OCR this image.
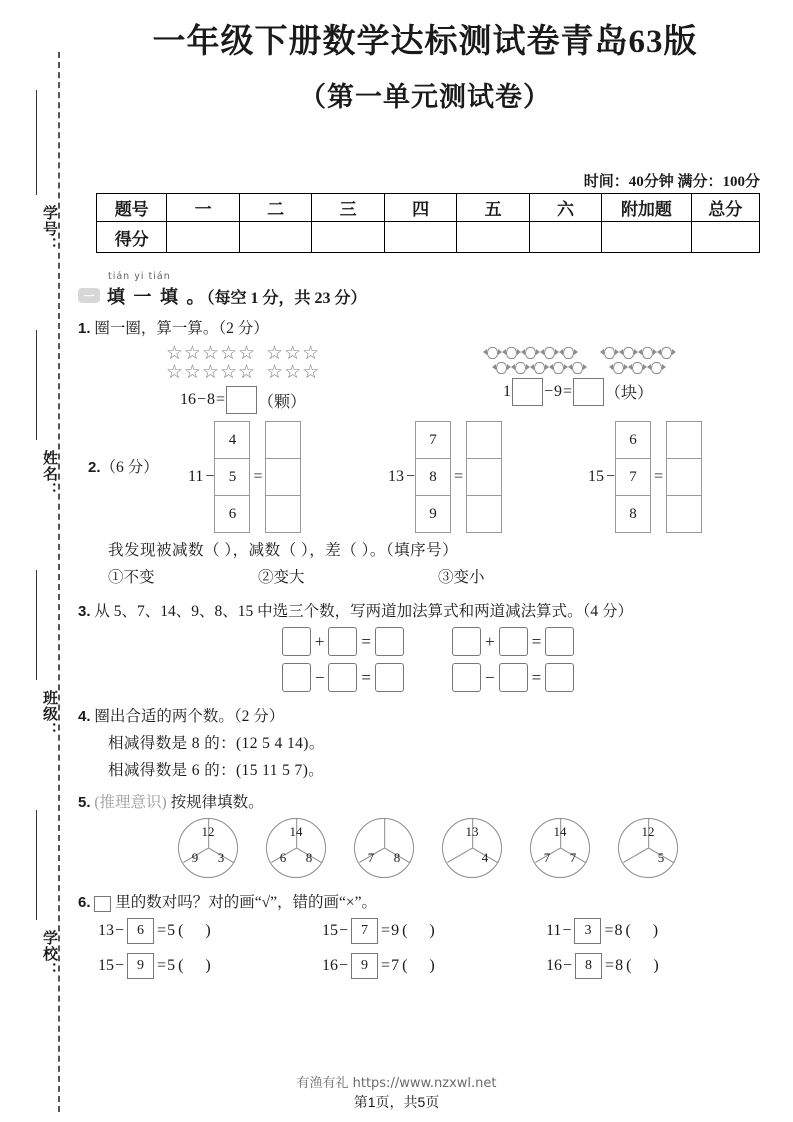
学号：
姓名：
班级：
学校：
一年级下册数学达标测试卷青岛63版
（第一单元测试卷）
时间：40分钟 满分：100分
题号	一	二	三	四	五	六	附加题	总分
得分								
tián yi tián
一 填 一 填 。（每空 1 分，共 23 分）
1. 圈一圈，算一算。（2 分）
☆☆☆☆☆ ☆☆☆
☆☆☆☆☆ ☆☆☆
16 − 8 = （颗）
1 − 9 = （块）
2.（6 分）
11 −
4
5
6
=	13 −
7
8
9
=	15 −
6
7
8
=
我发现被减数（ ），减数（ ），差（ ）。（填序号）
①不变	②变大	③变小
3. 从 5、7、14、9、8、15 中选三个数，写两道加法算式和两道减法算式。（4 分）
+ =	+ =
− =	− =
4. 圈出合适的两个数。（2 分）
相减得数是 8 的：(12 5 4 14)。
相减得数是 6 的：(15 11 5 7)。
5. (推理意识) 按规律填数。
12
9	3
14
6	8	7	8
13
4
14
7	7
12
5
6. 里的数对吗？对的画“√”，错的画“×”。
13 − 6 = 5 ( )	15 − 7 = 9 ( )	11 − 3 = 8 ( )
15 − 9 = 5 ( )	16 − 9 = 7 ( )	16 − 8 = 8 ( )
有渔有礼 https://www.nzxwl.net
第1页，共5页
